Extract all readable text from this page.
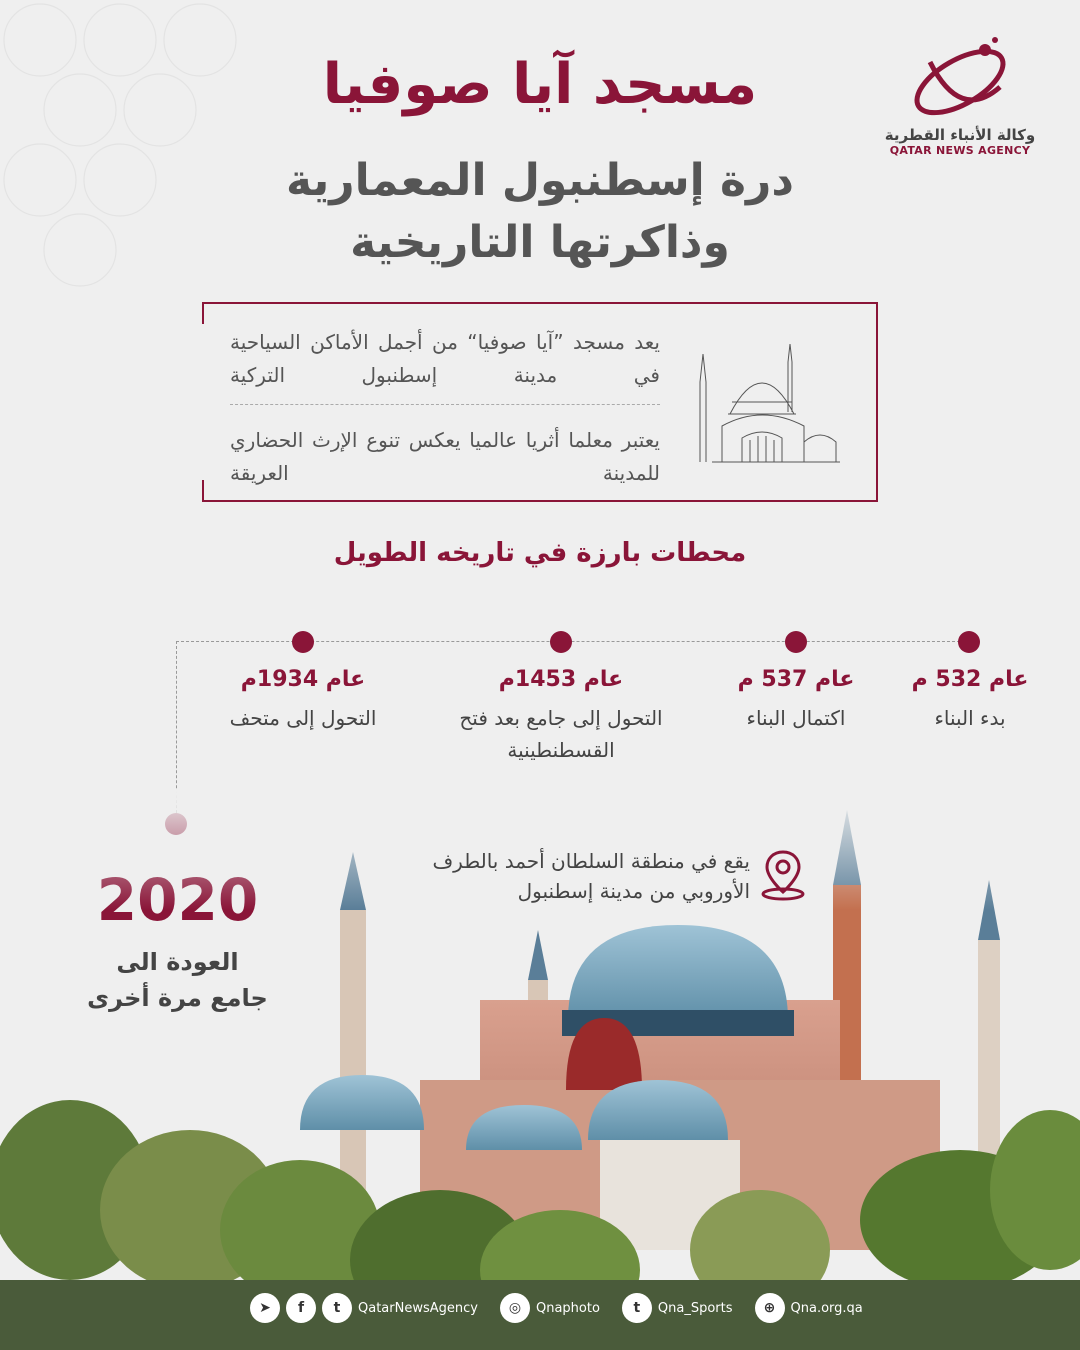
وكالة الأنباء القطرية
QATAR NEWS AGENCY
مسجد آيا صوفيا
درة إسطنبول المعمارية
وذاكرتها التاريخية
يعد مسجد ”آيا صوفيا“ من أجمل الأماكن السياحية في مدينة إسطنبول التركية
يعتبر معلما أثريا عالميا يعكس تنوع الإرث الحضاري للمدينة العريقة
محطات بارزة في تاريخه الطويل
عام 532 م
بدء البناء
عام 537 م
اكتمال البناء
عام 1453م
التحول إلى جامع بعد فتح القسطنطينية
عام 1934م
التحول إلى متحف
العودة الى
جامع مرة أخرى
يقع في منطقة السلطان أحمد بالطرف الأوروبي من مدينة إسطنبول
➤	f	t	QatarNewsAgency	◎	Qnaphoto	t	Qna_Sports	⊕	Qna.org.qa
